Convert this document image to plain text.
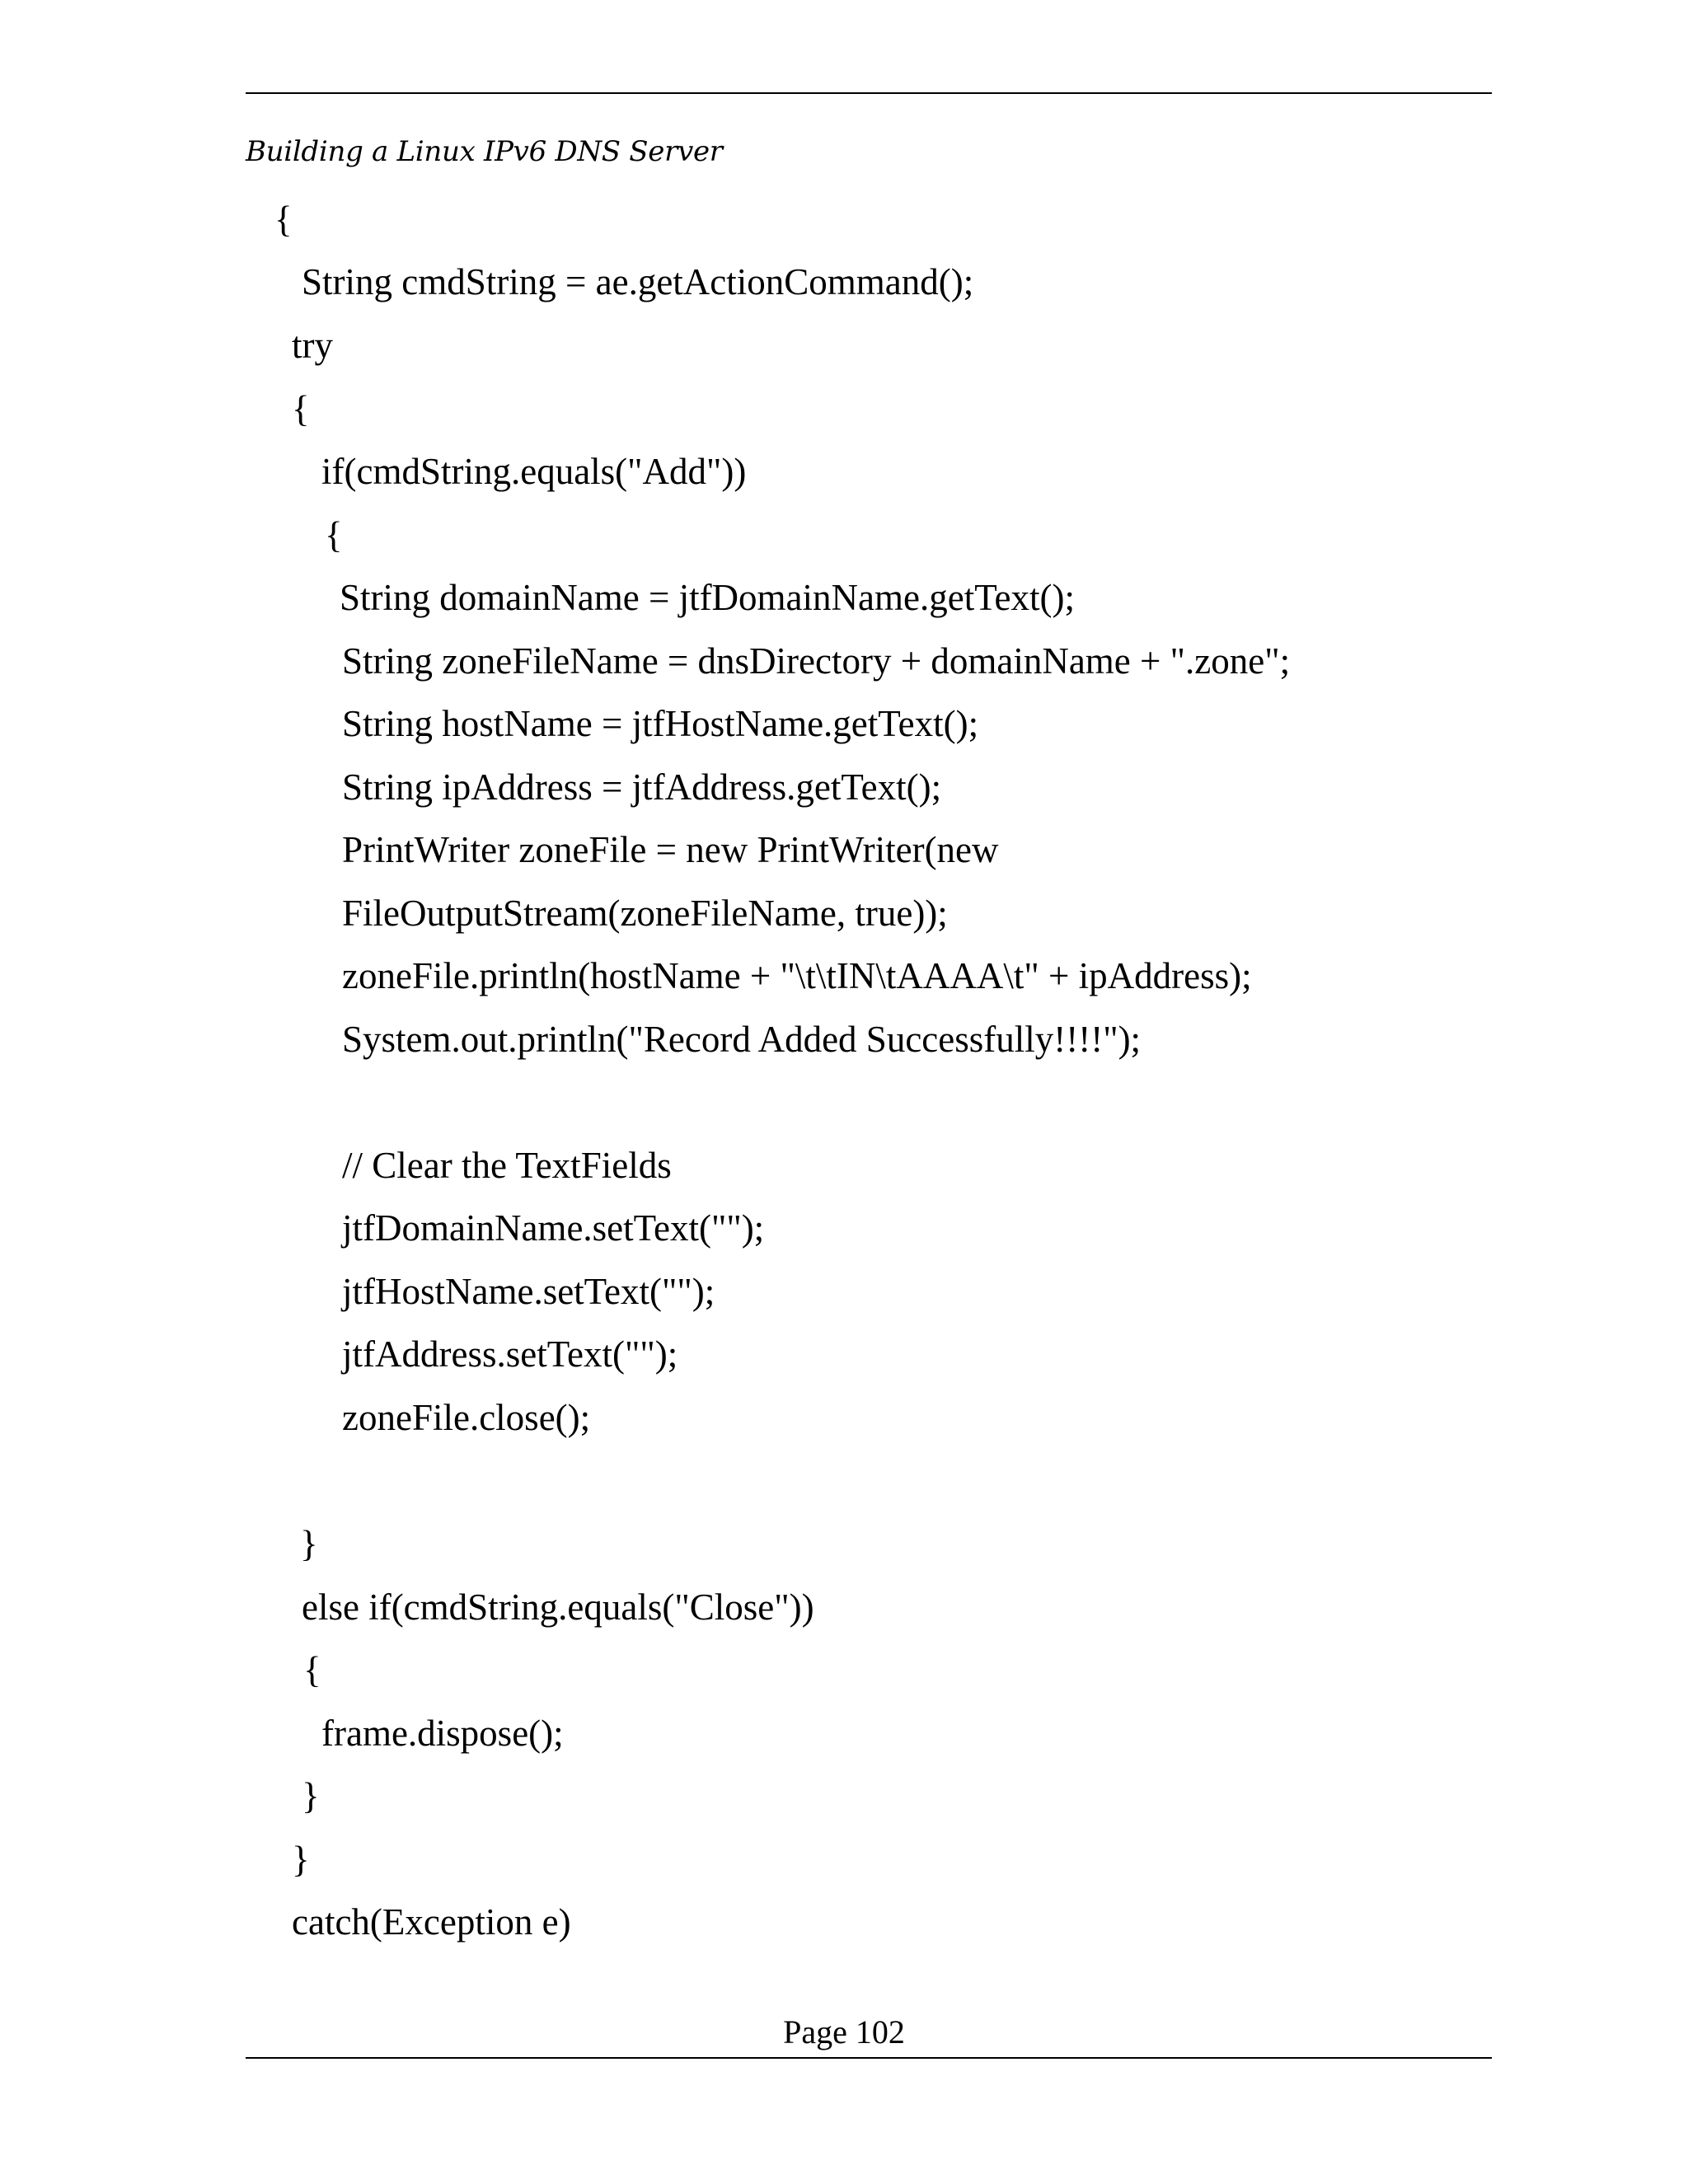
Building a Linux IPv6 DNS Server
{
String cmdString = ae.getActionCommand();
try
{
if(cmdString.equals("Add"))
{
String domainName = jtfDomainName.getText();
String zoneFileName = dnsDirectory + domainName + ".zone";
String hostName = jtfHostName.getText();
String ipAddress = jtfAddress.getText();
PrintWriter zoneFile = new PrintWriter(new
FileOutputStream(zoneFileName, true));
zoneFile.println(hostName + "\t\tIN\tAAAA\t" + ipAddress);
System.out.println("Record Added Successfully!!!!");
// Clear the TextFields
jtfDomainName.setText("");
jtfHostName.setText("");
jtfAddress.setText("");
zoneFile.close();
}
else if(cmdString.equals("Close"))
{
frame.dispose();
}
}
catch(Exception e)
Page 102
